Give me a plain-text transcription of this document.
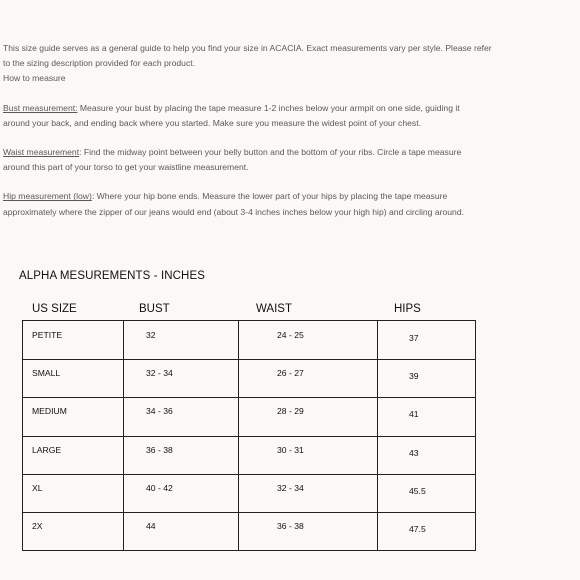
This size guide serves as a general guide to help you find your size in ACACIA. Exact measurements vary per style. Please refer

to the sizing description provided for each product.

How to measure

Bust measurement: Measure your bust by placing the tape measure 1-2 inches below your armpit on one side, guiding it

around your back, and ending back where you started. Make sure you measure the widest point of your chest.

Waist measurement: Find the midway point between your belly button and the bottom of your ribs. Circle a tape measure

around this part of your torso to get your waistline measurement.

Hip measurement (low): Where your hip bone ends. Measure the lower part of your hips by placing the tape measure

approximately where the zipper of our jeans would end (about 3-4 inches inches below your high hip) and circling around.

ALPHA MESUREMENTS - INCHES
US SIZE	BUST	WAIST	HIPS
PETITE	32	24 - 25	37
SMALL	32 - 34	26 - 27	39
MEDIUM	34 - 36	28 - 29	41
LARGE	36 - 38	30 - 31	43
XL	40 - 42	32 - 34	45.5
2X	44	36 - 38	47.5
